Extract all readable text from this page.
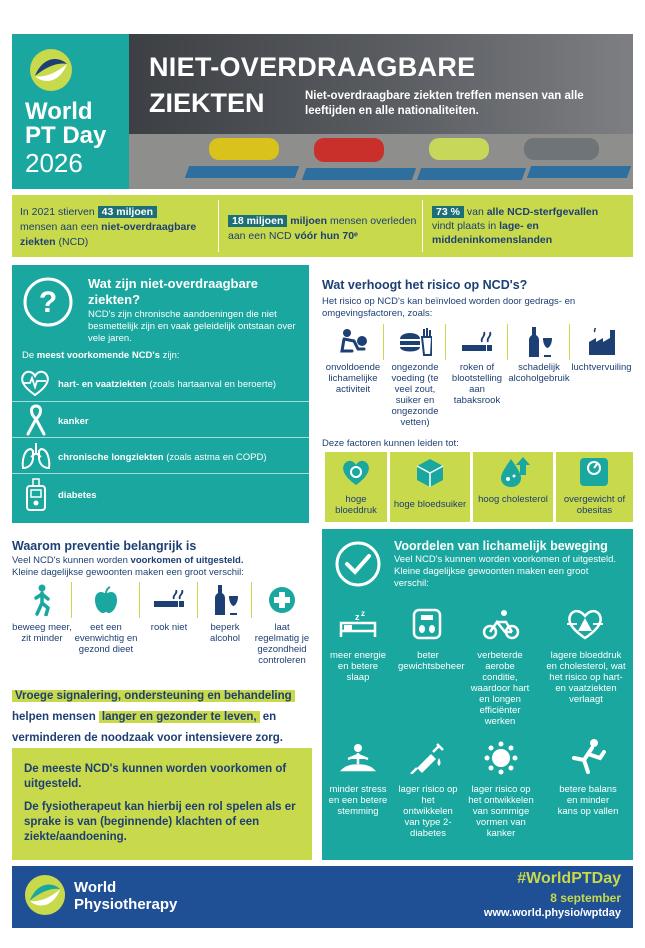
World
PT Day
2026
NIET-OVERDRAAGBARE
ZIEKTEN	Niet-overdraagbare ziekten treffen mensen van alle leeftijden en alle nationaliteiten.
In 2021 stierven 43 miljoen
mensen aan een niet-overdraagbare ziekten (NCD)
18 miljoen miljoen mensen overleden aan een NCD vóór hun 70ᵉ
73 % van alle NCD-sterfgevallen
vindt plaats in lage- en middeninkomenslanden
?
Wat zijn niet-overdraagbare ziekten?
NCD's zijn chronische aandoeningen die niet besmettelijk zijn en vaak geleidelijk ontstaan over vele jaren.
De meest voorkomende NCD's zijn:
hart- en vaatziekten (zoals hartaanval en beroerte)
kanker
chronische longziekten (zoals astma en COPD)
diabetes
Wat verhoogt het risico op NCD's?
Het risico op NCD's kan beïnvloed worden door gedrags- en omgevingsfactoren, zoals:
onvoldoende lichamelijke activiteit
ongezonde voeding (te veel zout, suiker en ongezonde vetten)
roken of blootstelling aan tabaksrook
schadelijk alcoholgebruik
luchtvervuiling
Deze factoren kunnen leiden tot:
hoge bloeddruk
hoge bloedsuiker	hoog cholesterol	overgewicht of obesitas
Waarom preventie belangrijk is
Veel NCD's kunnen worden voorkomen of uitgesteld.
Kleine dagelijkse gewoonten maken een groot verschil:
beweeg meer, zit minder
eet een evenwichtig en gezond dieet
rook niet	beperk alcohol
laat regelmatig je gezondheid controleren
Vroege signalering, ondersteuning en behandeling
helpen mensen langer en gezonder te leven, en
verminderen de noodzaak voor intensievere zorg.
De meeste NCD's kunnen worden voorkomen of uitgesteld.
De fysiotherapeut kan hierbij een rol spelen als er sprake is van (beginnende) klachten of een ziekte/aandoening.
Voordelen van lichamelijk beweging
Veel NCD's kunnen worden voorkomen of uitgesteld. Kleine dagelijkse gewoonten maken een groot verschil:
z z
meer energie en betere slaap
beter gewichtsbeheer
verbeterde aerobe conditie, waardoor hart en longen efficiënter werken
lagere bloeddruk en cholesterol, wat het risico op hart- en vaatziekten verlaagt
minder stress en een betere stemming
lager risico op het ontwikkelen van type 2-diabetes
lager risico op het ontwikkelen van sommige vormen van kanker
betere balans en minder kans op vallen
World
Physiotherapy
#WorldPTDay
8 september
www.world.physio/wptday
